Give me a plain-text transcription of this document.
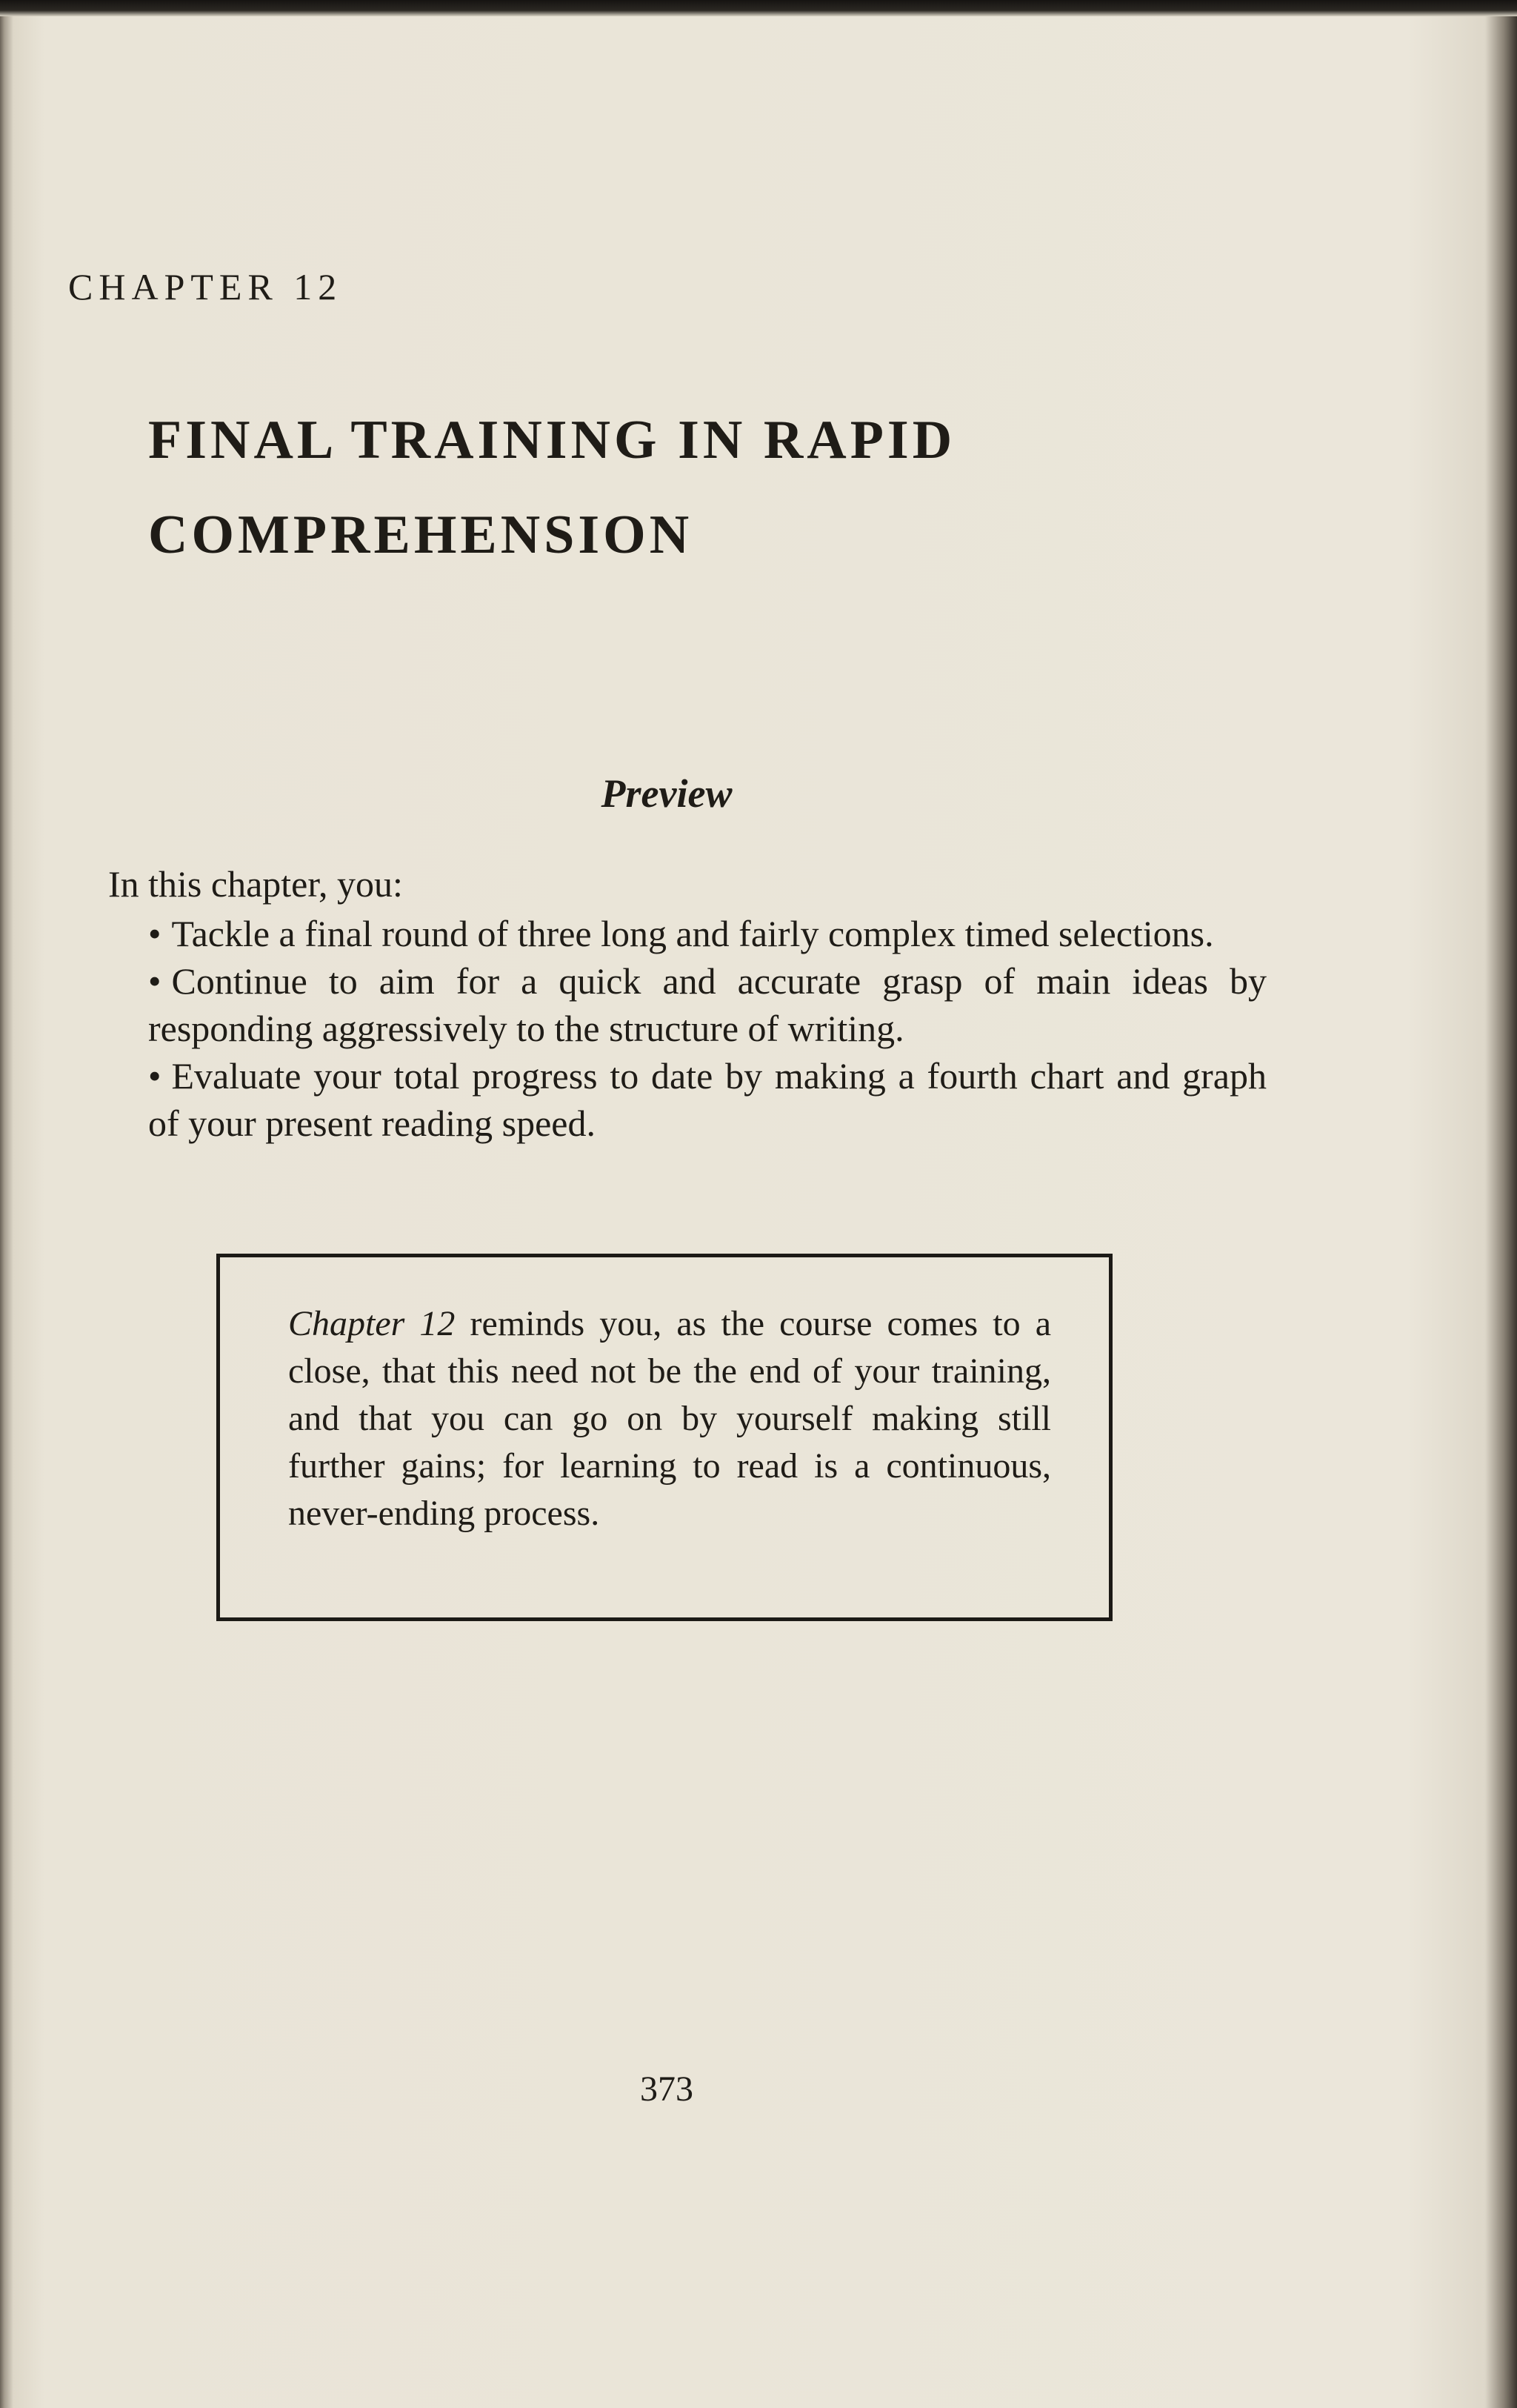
CHAPTER 12
FINAL TRAINING IN RAPID
COMPREHENSION
Preview
In this chapter, you:
• Tackle a final round of three long and fairly complex timed selections.
• Continue to aim for a quick and accurate grasp of main ideas by responding aggressively to the structure of writing.
• Evaluate your total progress to date by making a fourth chart and graph of your present reading speed.
Chapter 12 reminds you, as the course comes to a close, that this need not be the end of your training, and that you can go on by yourself making still further gains; for learning to read is a continuous, never-ending process.
373
